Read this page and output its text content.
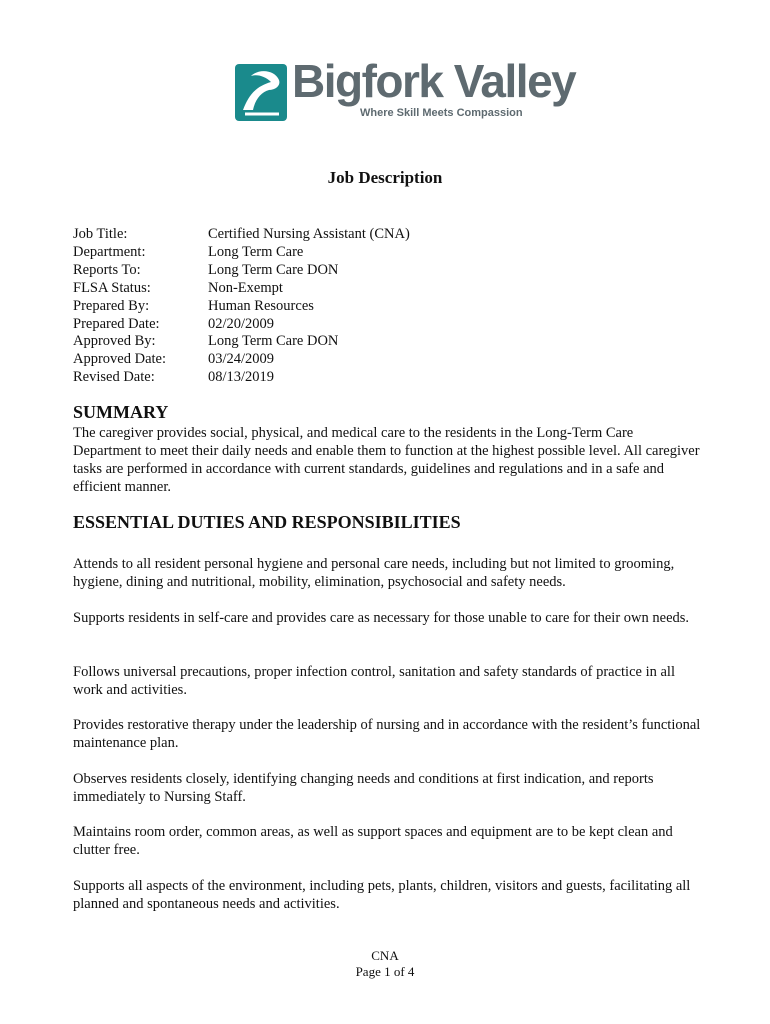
Bigfork Valley
Where Skill Meets Compassion
Job Description
Job Title:	Certified Nursing Assistant (CNA)
Department:	Long Term Care
Reports To:	Long Term Care DON
FLSA Status:	Non-Exempt
Prepared By:	Human Resources
Prepared Date:	02/20/2009
Approved By:	Long Term Care DON
Approved Date:	03/24/2009
Revised Date:	08/13/2019
SUMMARY
The caregiver provides social, physical, and medical care to the residents in the Long-Term Care Department to meet their daily needs and enable them to function at the highest possible level. All caregiver tasks are performed in accordance with current standards, guidelines and regulations and in a safe and efficient manner.
ESSENTIAL DUTIES AND RESPONSIBILITIES
Attends to all resident personal hygiene and personal care needs, including but not limited to grooming, hygiene, dining and nutritional, mobility, elimination, psychosocial and safety needs.
Supports residents in self-care and provides care as necessary for those unable to care for their own needs.
Follows universal precautions, proper infection control, sanitation and safety standards of practice in all work and activities.
Provides restorative therapy under the leadership of nursing and in accordance with the resident’s functional maintenance plan.
Observes residents closely, identifying changing needs and conditions at first indication, and reports immediately to Nursing Staff.
Maintains room order, common areas, as well as support spaces and equipment are to be kept clean and clutter free.
Supports all aspects of the environment, including pets, plants, children, visitors and guests, facilitating all planned and spontaneous needs and activities.
CNA
Page 1 of 4
